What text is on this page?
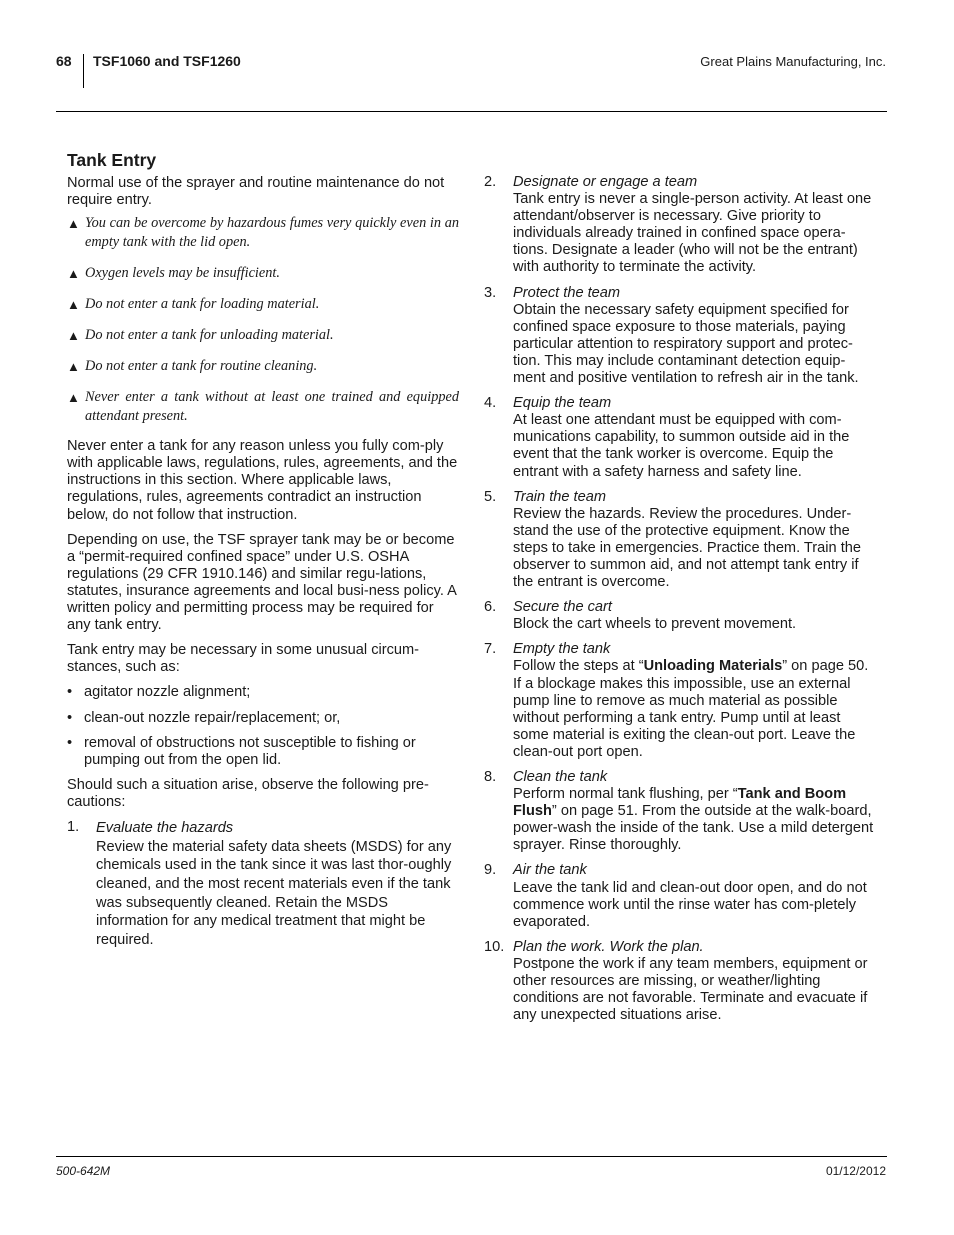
68 TSF1060 and TSF1260	Great Plains Manufacturing, Inc.
Tank Entry

Normal use of the sprayer and routine maintenance do not require entry.

▲ You can be overcome by hazardous fumes very quickly even in an empty tank with the lid open.
▲ Oxygen levels may be insufficient.
▲ Do not enter a tank for loading material.
▲ Do not enter a tank for unloading material.
▲ Do not enter a tank for routine cleaning.
▲ Never enter a tank without at least one trained and equipped attendant present.

Never enter a tank for any reason unless you fully com-ply with applicable laws, regulations, rules, agreements, and the instructions in this section. Where applicable laws, regulations, rules, agreements contradict an instruction below, do not follow that instruction.

Depending on use, the TSF sprayer tank may be or become a “permit-required confined space” under U.S. OSHA regulations (29 CFR 1910.146) and similar regu-lations, statutes, insurance agreements and local busi-ness policy. A written policy and permitting process may be required for any tank entry.

Tank entry may be necessary in some unusual circum-stances, such as:

• agitator nozzle alignment;
• clean-out nozzle repair/replacement; or,
• removal of obstructions not susceptible to fishing or pumping out from the open lid.

Should such a situation arise, observe the following pre-cautions:

1.	Evaluate the hazards
Review the material safety data sheets (MSDS) for any chemicals used in the tank since it was last thor-oughly cleaned, and the most recent materials even if the tank was subsequently cleaned. Retain the MSDS information for any medical treatment that might be required.
2.	Designate or engage a team
Tank entry is never a single-person activity. At least one attendant/observer is necessary. Give priority to individuals already trained in confined space opera-tions. Designate a leader (who will not be the entrant) with authority to terminate the activity.
3.	Protect the team
Obtain the necessary safety equipment specified for confined space exposure to those materials, paying particular attention to respiratory support and protec-tion. This may include contaminant detection equip-ment and positive ventilation to refresh air in the tank.
4.	Equip the team
At least one attendant must be equipped with com-munications capability, to summon outside aid in the event that the tank worker is overcome. Equip the entrant with a safety harness and safety line.
5.	Train the team
Review the hazards. Review the procedures. Under-stand the use of the protective equipment. Know the steps to take in emergencies. Practice them. Train the observer to summon aid, and not attempt tank entry if the entrant is overcome.
6.	Secure the cart
Block the cart wheels to prevent movement.
7.	Empty the tank
Follow the steps at “Unloading Materials” on page 50. If a blockage makes this impossible, use an external pump line to remove as much material as possible without performing a tank entry. Pump until at least some material is exiting the clean-out port. Leave the clean-out port open.
8.	Clean the tank
Perform normal tank flushing, per “Tank and Boom Flush” on page 51. From the outside at the walk-board, power-wash the inside of the tank. Use a mild detergent sprayer. Rinse thoroughly.
9.	Air the tank
Leave the tank lid and clean-out door open, and do not commence work until the rinse water has com-pletely evaporated.
10. Plan the work. Work the plan.
Postpone the work if any team members, equipment or other resources are missing, or weather/lighting conditions are not favorable. Terminate and evacuate if any unexpected situations arise.
500-642M	01/12/2012
